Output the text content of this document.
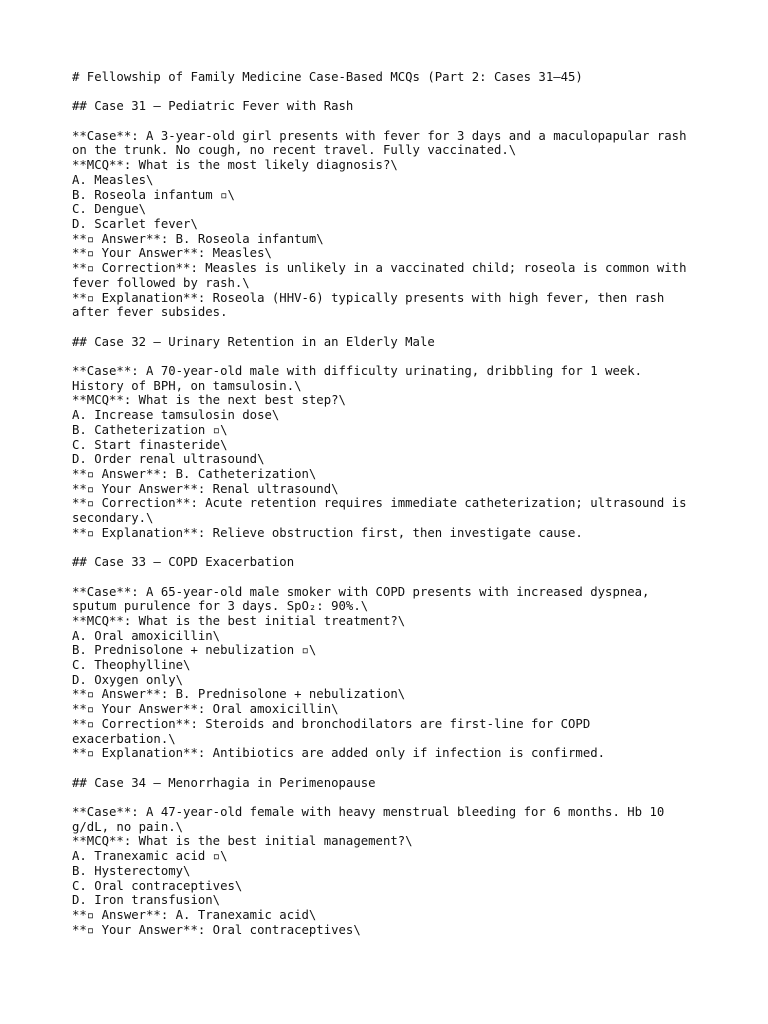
# Fellowship of Family Medicine Case-Based MCQs (Part 2: Cases 31–45)
## Case 31 – Pediatric Fever with Rash
**Case**: A 3-year-old girl presents with fever for 3 days and a maculopapular rash
on the trunk. No cough, no recent travel. Fully vaccinated.\
**MCQ**: What is the most likely diagnosis?\
A. Measles\
B. Roseola infantum ▫\
C. Dengue\
D. Scarlet fever\
**▫ Answer**: B. Roseola infantum\
**▫ Your Answer**: Measles\
**▫ Correction**: Measles is unlikely in a vaccinated child; roseola is common with
fever followed by rash.\
**▫ Explanation**: Roseola (HHV-6) typically presents with high fever, then rash
after fever subsides.
## Case 32 – Urinary Retention in an Elderly Male
**Case**: A 70-year-old male with difficulty urinating, dribbling for 1 week.
History of BPH, on tamsulosin.\
**MCQ**: What is the next best step?\
A. Increase tamsulosin dose\
B. Catheterization ▫\
C. Start finasteride\
D. Order renal ultrasound\
**▫ Answer**: B. Catheterization\
**▫ Your Answer**: Renal ultrasound\
**▫ Correction**: Acute retention requires immediate catheterization; ultrasound is
secondary.\
**▫ Explanation**: Relieve obstruction first, then investigate cause.
## Case 33 – COPD Exacerbation
**Case**: A 65-year-old male smoker with COPD presents with increased dyspnea,
sputum purulence for 3 days. SpO₂: 90%.\
**MCQ**: What is the best initial treatment?\
A. Oral amoxicillin\
B. Prednisolone + nebulization ▫\
C. Theophylline\
D. Oxygen only\
**▫ Answer**: B. Prednisolone + nebulization\
**▫ Your Answer**: Oral amoxicillin\
**▫ Correction**: Steroids and bronchodilators are first-line for COPD
exacerbation.\
**▫ Explanation**: Antibiotics are added only if infection is confirmed.
## Case 34 – Menorrhagia in Perimenopause
**Case**: A 47-year-old female with heavy menstrual bleeding for 6 months. Hb 10
g/dL, no pain.\
**MCQ**: What is the best initial management?\
A. Tranexamic acid ▫\
B. Hysterectomy\
C. Oral contraceptives\
D. Iron transfusion\
**▫ Answer**: A. Tranexamic acid\
**▫ Your Answer**: Oral contraceptives\
